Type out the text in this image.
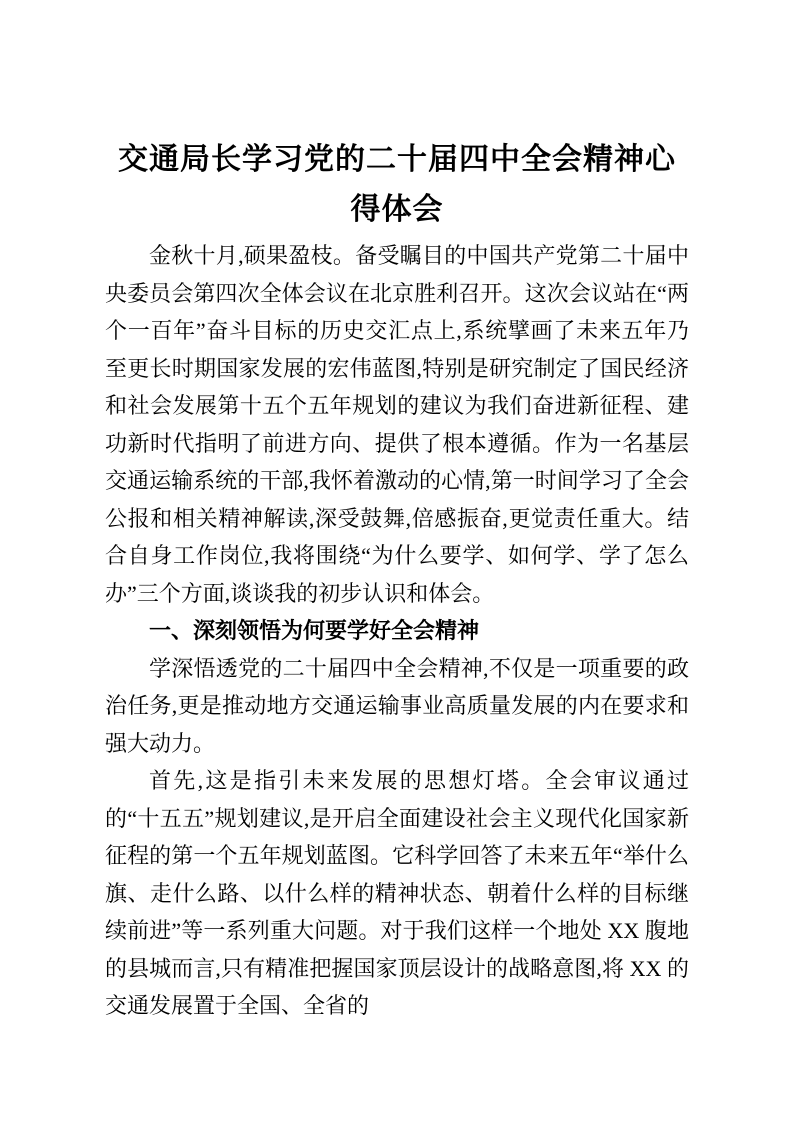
交通局长学习党的二十届四中全会精神心得体会

金秋十月,硕果盈枝。备受瞩目的中国共产党第二十届中央委员会第四次全体会议在北京胜利召开。这次会议站在“两个一百年”奋斗目标的历史交汇点上,系统擘画了未来五年乃至更长时期国家发展的宏伟蓝图,特别是研究制定了国民经济和社会发展第十五个五年规划的建议为我们奋进新征程、建功新时代指明了前进方向、提供了根本遵循。作为一名基层交通运输系统的干部,我怀着激动的心情,第一时间学习了全会公报和相关精神解读,深受鼓舞,倍感振奋,更觉责任重大。结合自身工作岗位,我将围绕“为什么要学、如何学、学了怎么办”三个方面,谈谈我的初步认识和体会。

一、深刻领悟为何要学好全会精神

学深悟透党的二十届四中全会精神,不仅是一项重要的政治任务,更是推动地方交通运输事业高质量发展的内在要求和强大动力。

首先,这是指引未来发展的思想灯塔。全会审议通过的“十五五”规划建议,是开启全面建设社会主义现代化国家新征程的第一个五年规划蓝图。它科学回答了未来五年“举什么旗、走什么路、以什么样的精神状态、朝着什么样的目标继续前进”等一系列重大问题。对于我们这样一个地处 XX 腹地的县城而言,只有精准把握国家顶层设计的战略意图,将 XX 的交通发展置于全国、全省的
